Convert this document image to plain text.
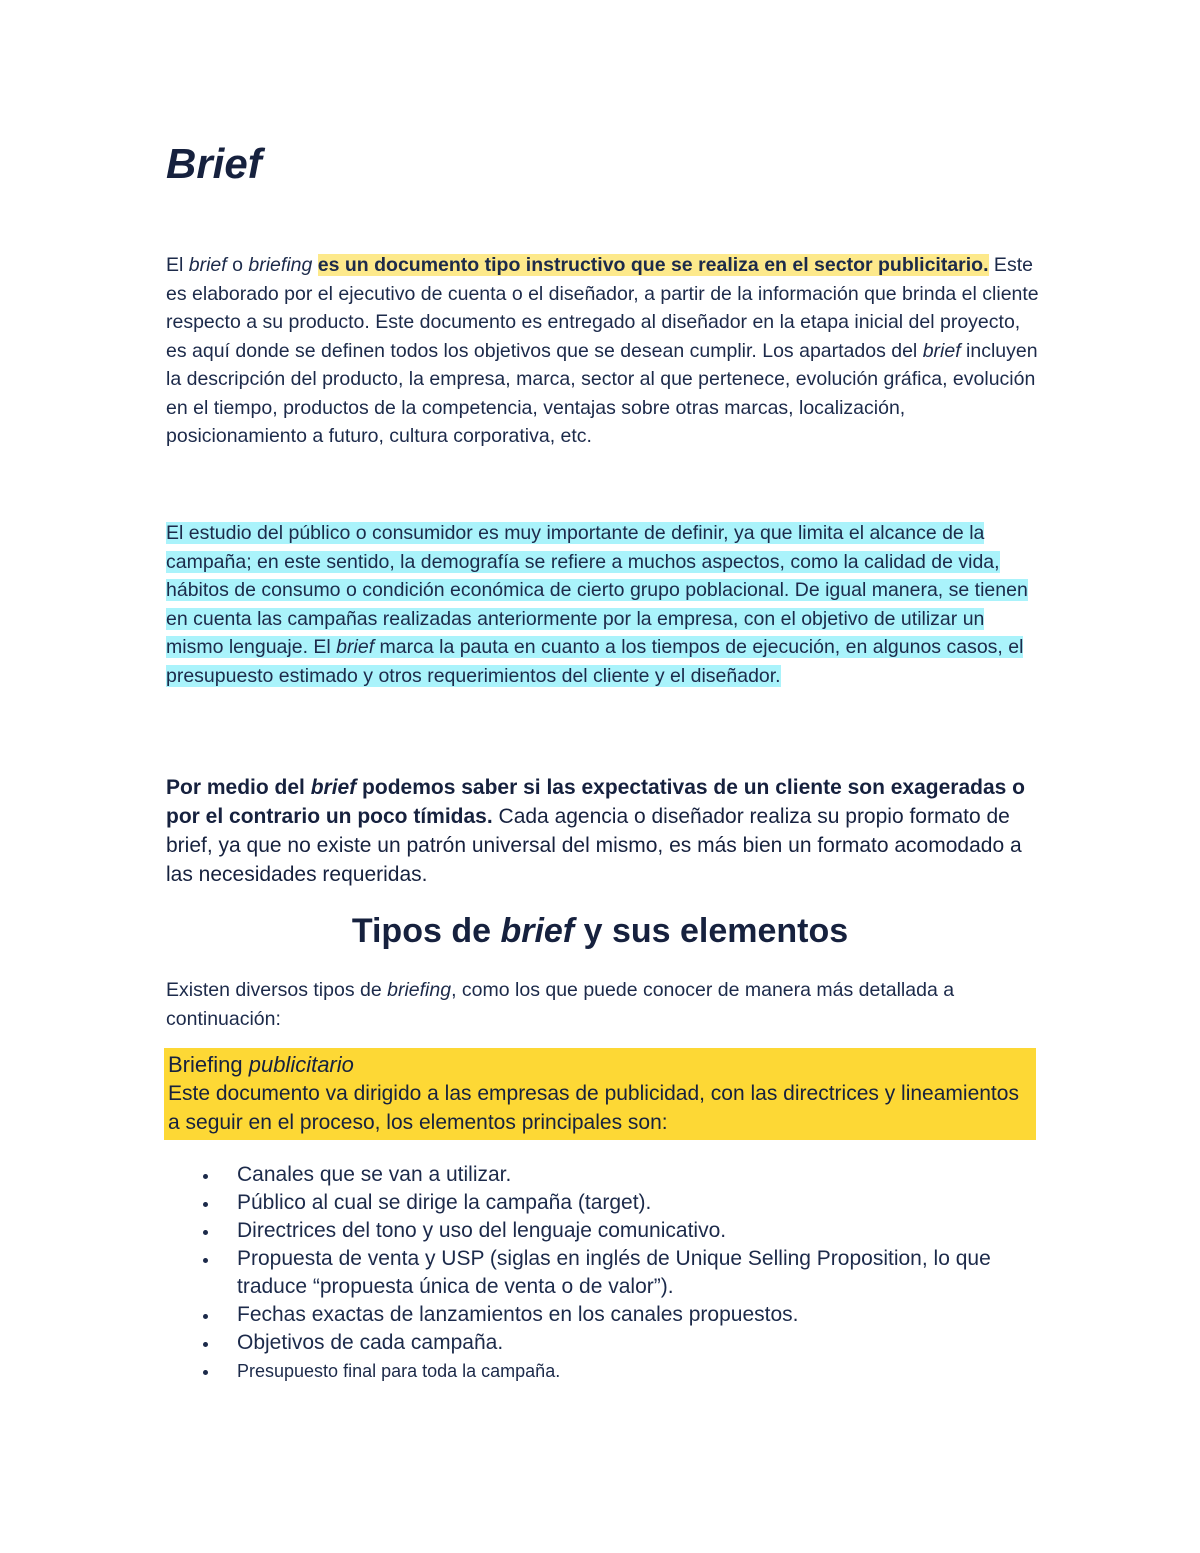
Brief

El brief o briefing es un documento tipo instructivo que se realiza en el sector publicitario. Este es elaborado por el ejecutivo de cuenta o el diseñador, a partir de la información que brinda el cliente respecto a su producto. Este documento es entregado al diseñador en la etapa inicial del proyecto, es aquí donde se definen todos los objetivos que se desean cumplir. Los apartados del brief incluyen la descripción del producto, la empresa, marca, sector al que pertenece, evolución gráfica, evolución en el tiempo, productos de la competencia, ventajas sobre otras marcas, localización, posicionamiento a futuro, cultura corporativa, etc.

El estudio del público o consumidor es muy importante de definir, ya que limita el alcance de la campaña; en este sentido, la demografía se refiere a muchos aspectos, como la calidad de vida, hábitos de consumo o condición económica de cierto grupo poblacional. De igual manera, se tienen en cuenta las campañas realizadas anteriormente por la empresa, con el objetivo de utilizar un mismo lenguaje. El brief marca la pauta en cuanto a los tiempos de ejecución, en algunos casos, el presupuesto estimado y otros requerimientos del cliente y el diseñador.

Por medio del brief podemos saber si las expectativas de un cliente son exageradas o por el contrario un poco tímidas. Cada agencia o diseñador realiza su propio formato de brief, ya que no existe un patrón universal del mismo, es más bien un formato acomodado a las necesidades requeridas.

Tipos de brief y sus elementos

Existen diversos tipos de briefing, como los que puede conocer de manera más detallada a continuación:

Briefing publicitario
Este documento va dirigido a las empresas de publicidad, con las directrices y lineamientos a seguir en el proceso, los elementos principales son:
Canales que se van a utilizar.
Público al cual se dirige la campaña (target).
Directrices del tono y uso del lenguaje comunicativo.
Propuesta de venta y USP (siglas en inglés de Unique Selling Proposition, lo que traduce “propuesta única de venta o de valor”).
Fechas exactas de lanzamientos en los canales propuestos.
Objetivos de cada campaña.
Presupuesto final para toda la campaña.
